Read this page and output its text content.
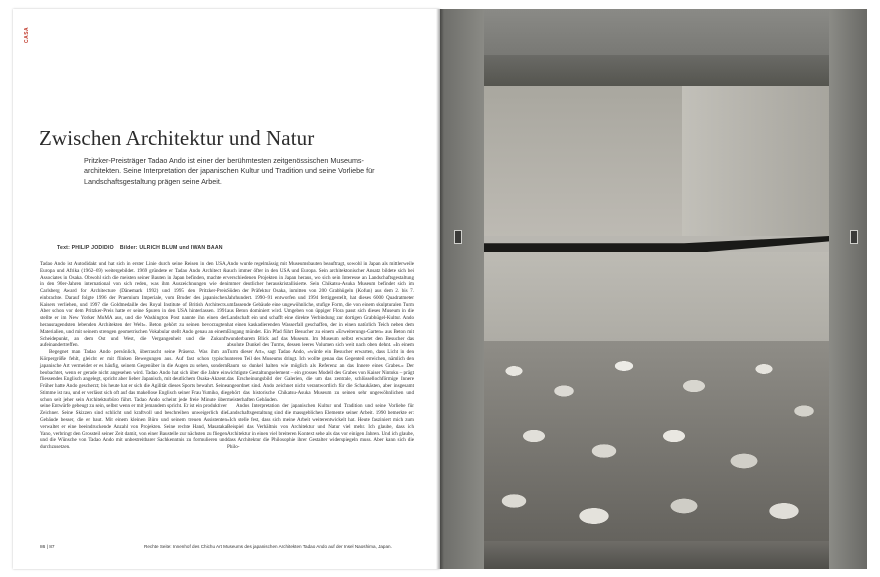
CASA
Zwischen Architektur und Natur
Pritzker-Preisträger Tadao Ando ist einer der berühmtesten zeitgenössischen Museumsarchitekten. Seine Interpretation der japanischen Kultur und Tradition und seine Vorliebe für Landschaftsgestaltung prägen seine Arbeit.
Text: PHILIP JODIDIO Bilder: ULRICH BLUM und IWAN BAAN

Tadao Ando ist Autodidakt und hat sich in erster Linie durch seine Reisen in den USA, Europa und Afrika (1962–69) weitergebildet. 1969 gründete er Tadao Ando Architect & Associates in Osaka. Obwohl sich die meisten seiner Bauten in Japan befinden, machte er in den 90er-Jahren international von sich reden, was ihm Auszeichnungen wie den Carlsberg Award for Architecture (Dänemark 1992) und 1995 den Pritzker-Preis einbrachte. Darauf folgte 1996 der Praemium Imperiale, vom Bruder des japanischen Kaisers verliehen, und 1997 die Goldmedaille des Royal Institute of British Architects. Aber schon vor dem Pritzker-Preis hatte er seine Spuren in den USA hinterlassen. 1991 stellte er im New Yorker MoMA aus, und die Washington Post nannte ihn einen der herausragendsten lebenden Architekten der Welt». Beton gehört zu seinen bevorzugten Materialien, und mit seinem strengen geometrischen Vokabular stellt Ando genau an einem Scheidepunkt, an dem Ost und West, die Vergangenheit und die Zukunft aufeinandertreffen.

Begegnet man Tadao Ando persönlich, überrascht seine Präsenz. Was ihm an Körpergröße fehlt, gleicht er mit flinken Bewegungen aus. Auf fast schon typisch japanische Art vermeidet er es häufig, seinem Gegenüber in die Augen zu sehen, sondern beobachtet, wenn er gerade nicht angesehen wird. Tadao Ando hat sich über die Jahre ein fliessendes Englisch angelegt, spricht aber lieber Japanisch, mit deutlichem Osaka-Akzent. Früher hatte Ando gescherzt; bis heute hat er sich die Agilität dieses Sports bewahrt. Seine Stimme ist rau, und er verlässt sich oft auf das makellose Englisch seiner Frau Yumiko, die schon seit jeher sein Architekturbüro führt. Tadao Ando scheint jede freie Minute über seine Entwürfe gebeugt zu sein, selbst wenn er mit jemandem spricht. Er ist ein produktiver Zeichner. Seine Skizzen sind schlicht und kraftvoll und beschreiben unweigerlich die Gebäude besser, die er baut. Mit einem kleinen Büro und seinem treuen Assistenten verwaltet er eine beeindruckende Anzahl von Projekten. Seine rechte Hand, Masataka Yano, verbringt den Grossteil seiner Zeit damit, von einer Baustelle zur nächsten zu fliegen und die Wünsche von Tadao Ando mit unbestreitbarer Sachkenntnis zu formulieren und durchzusetzen.

Ando wurde regelmässig mit Museumsbauten beauftragt, sowohl in Japan als mittlerweile auch immer öfter in den USA und Europa. Sein architektonischer Ansatz bildete sich bei verschiedenen Projekten in Japan heraus, wo sich sein Interesse an Landschaftsgestaltung immer deutlicher herauskristallisierte. Sein Chikatsu-Asuka Museum befindet sich im Süden der Präfektur Osaka, inmitten von 200 Grabhügeln (Kofun) aus dem 2. bis 7. Jahrhundert. 1990–91 entworfen und 1994 fertiggestellt, hat dieses 6000 Quadratmeter umfassende Gebäude eine ungewöhnliche, stufige Form, die von einem skulpturalen Turm aus Beton dominiert wird. Umgeben von üppiger Flora passt sich dieses Museum in die Landschaft ein und schafft eine direkte Verbindung zur dortigen Grabhügel-Kultur. Ando hat einen kaskadierenden Wasserfall geschaffen, der in einen natürlich Teich neben dem Eingang mündet. Ein Pfad führt Besucher zu einem «Erweiterungs-Garten» aus Beton mit wunderbarem Blick auf das Museum. Im Museum selbst erwartet den Besucher das absolute Dunkel des Turms, dessen leeres Volumen sich weit nach oben dehnt. «In einem Turm dieser Art», sagt Tadao Ando, «würde ein Besucher erwarten, dass Licht in den unteren Teil des Museums dringt. Ich wollte genau das Gegenteil erreichen, nämlich den Raum so dunkel halten wie möglich als Referenz an das Innere eines Grabes.» Der wichtigste Gestaltungselement – ein grosses Modell des Grabes von Kaiser Nintoku – prägt das Erscheinungsbild der Galerien, die um das zentrale, schlüssellochförmige Innere angeordnet sind. Ando zeichnet nicht verantwortlich für die Schaukästen, aber insgesamt gehört das historische Chikatsu-Asuka Museum zu seinen sehr ungewöhnlichen und meisterhaften Gebäuden.

Andos Interpretation der japanischen Kultur und Tradition und seine Vorliebe für Landschaftsgestaltung sind die massgeblichen Elemente seiner Arbeit. 1990 bemerkte er: «Ich stelle fest, dass sich meine Arbeit weiterentwickelt hat. Heute fasziniert mich zum Beispiel das Verhältnis von Architektur und Natur viel mehr. Ich glaube, dass ich Architektur in einen viel breiteren Kontext sehe als das vor einigen Jahren. Und ich glaube, dass Architektur die Philosophie ihrer Gestalter widerspiegeln muss. Aber kann sich die Philo-

86 | 87	Rechte Seite: Innenhof des Chichu Art Museums des japanischen Architekten Tadao Ando auf der Insel Naoshima, Japan.
